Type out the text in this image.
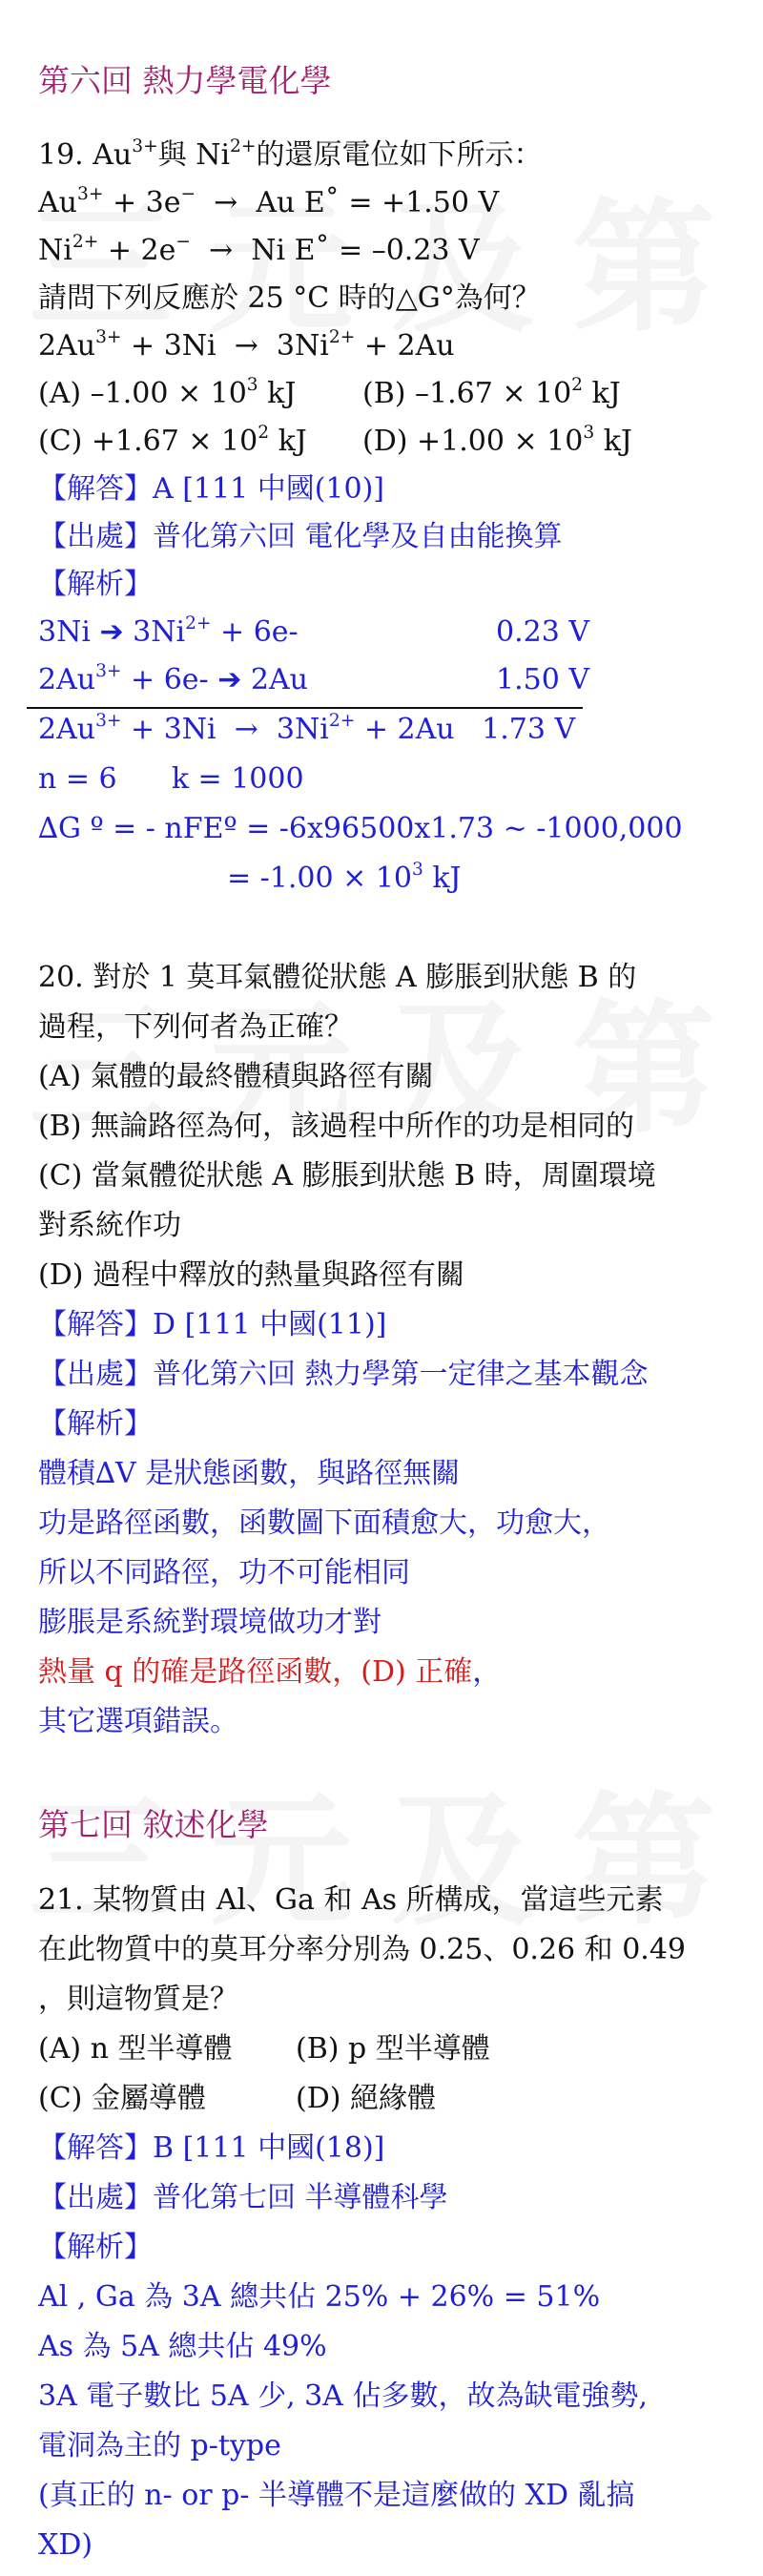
第六回 熱力學電化學
19. $Au^{3+}$與 $Ni^{2+}$的還原電位如下所示：
$Au^{3+} + 3e^- \to Au$ E˚ = +1.50 V
$Ni^{2+} + 2e^- \to Ni$ E˚ = –0.23 V
請問下列反應於 25 °C 時的△G°為何？
$2Au^{3+} + 3Ni \to 3Ni^{2+} + 2Au$
(A) $-1.00 \times 10^3$ kJ (B) $-1.67 \times 10^2$ kJ
$(C) +1.67 \times 10^2$ kJ $(D) +1.00 \times 10^3$ kJ
【解答】A [111 中國(10)]
【出處】普化第六回 電化學及自由能換算
【解析】
3Ni ➔ $3Ni^{2+} + 6e-$	0.23 V
$2Au^{3+} + 6e-$ ➔ 2Au	1.50 V
$2Au^{3+} + 3Ni \to 3Ni^{2+} + 2Au$   1.73 V
n = 6      k = 1000
∆G º = - nFEº = -6x96500x1.73 ~ -1000,000
= $-1.00 \times 10^3$ kJ
20. 對於 1 莫耳氣體從狀態 A 膨脹到狀態 B 的
過程，下列何者為正確？
(A) 氣體的最終體積與路徑有關
(B) 無論路徑為何，該過程中所作的功是相同的
(C) 當氣體從狀態 A 膨脹到狀態 B 時，周圍環境
對系統作功
(D) 過程中釋放的熱量與路徑有關
【解答】D [111 中國(11)]
【出處】普化第六回 熱力學第一定律之基本觀念
【解析】
體積∆V 是狀態函數，與路徑無關
功是路徑函數，函數圖下面積愈大，功愈大，
所以不同路徑，功不可能相同
膨脹是系統對環境做功才對
熱量 q 的確是路徑函數，(D) 正確，
其它選項錯誤。
第七回 敘述化學
21. 某物質由 Al、Ga 和 As 所構成，當這些元素
在此物質中的莫耳分率分別為 0.25、0.26 和 0.49
，則這物質是？
(A) n 型半導體 (B) p 型半導體
(C) 金屬導體	(D) 絕緣體
【解答】B [111 中國(18)]
【出處】普化第七回 半導體科學
【解析】
Al , Ga 為 3A 總共佔 25% + 26% = 51%
As 為 5A 總共佔 49%
3A 電子數比 5A 少, 3A 佔多數，故為缺電強勢,
電洞為主的 p-type
(真正的 n- or p- 半導體不是這麼做的 XD 亂搞
XD)
